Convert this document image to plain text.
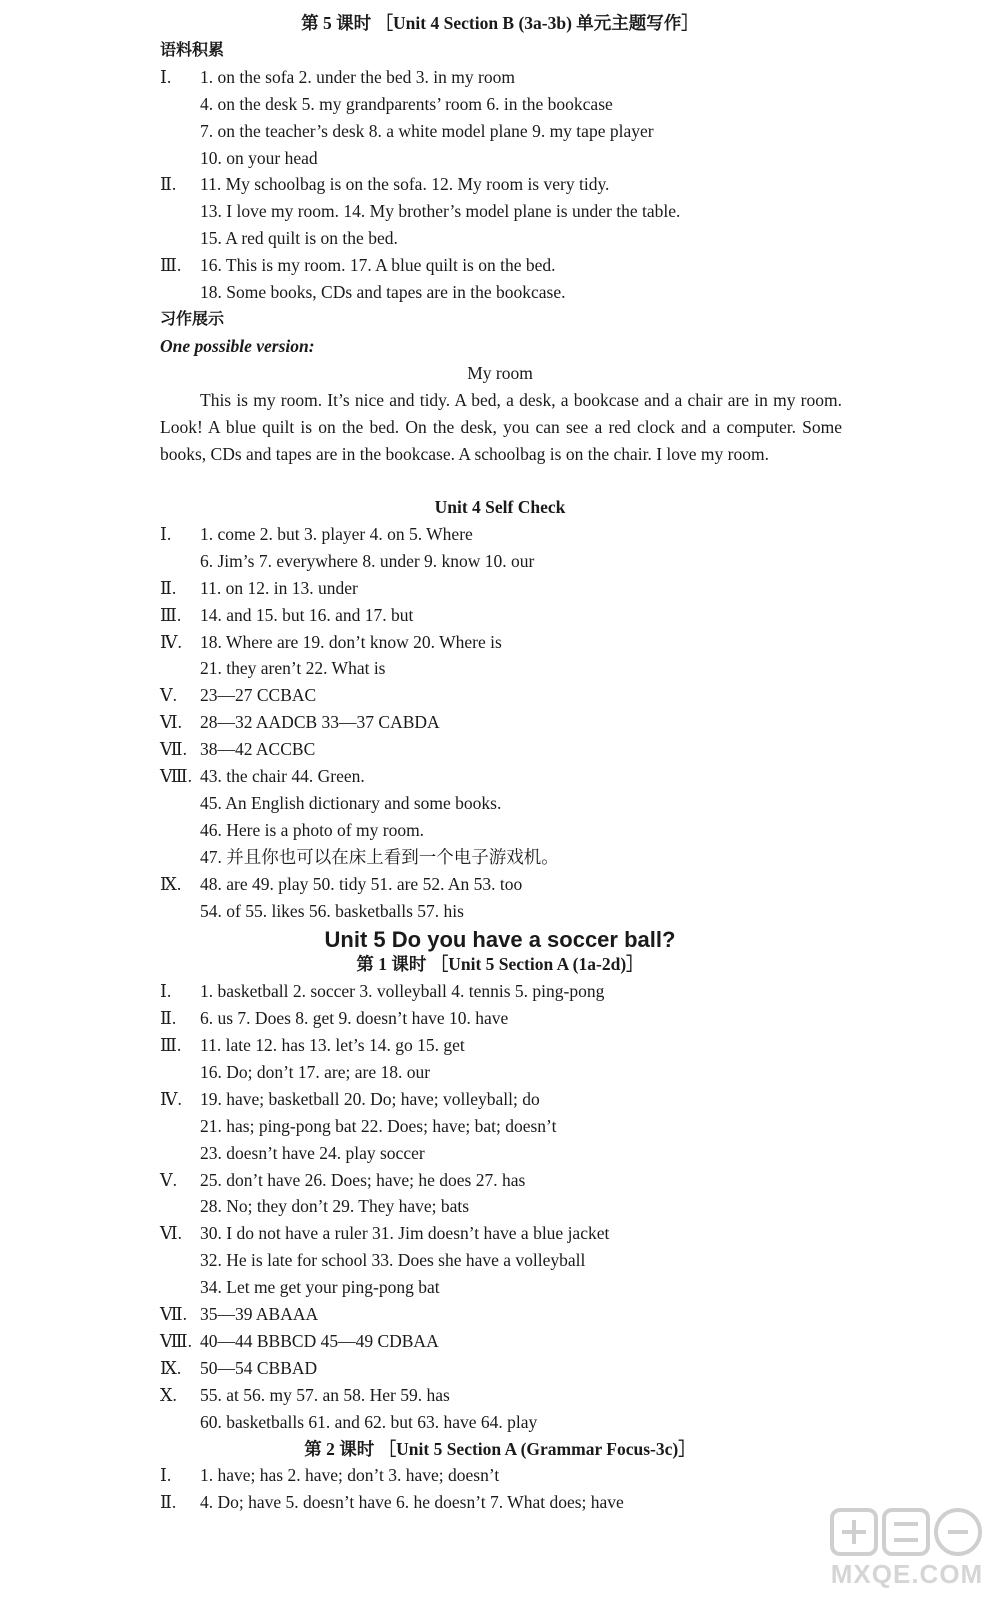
第 5 课时 ［Unit 4 Section B (3a-3b) 单元主题写作］
语料积累
Ⅰ. 1. on the sofa 2. under the bed 3. in my room
4. on the desk 5. my grandparents’ room 6. in the bookcase
7. on the teacher’s desk 8. a white model plane 9. my tape player
10. on your head
Ⅱ. 11. My schoolbag is on the sofa. 12. My room is very tidy.
13. I love my room. 14. My brother’s model plane is under the table.
15. A red quilt is on the bed.
Ⅲ. 16. This is my room. 17. A blue quilt is on the bed.
18. Some books, CDs and tapes are in the bookcase.
习作展示
One possible version:
My room
This is my room. It’s nice and tidy. A bed, a desk, a bookcase and a chair are in my room. Look! A blue quilt is on the bed. On the desk, you can see a red clock and a computer. Some books, CDs and tapes are in the bookcase. A schoolbag is on the chair. I love my room.
Unit 4 Self Check
Ⅰ. 1. come 2. but 3. player 4. on 5. Where
6. Jim’s 7. everywhere 8. under 9. know 10. our
Ⅱ. 11. on 12. in 13. under
Ⅲ. 14. and 15. but 16. and 17. but
Ⅳ. 18. Where are 19. don’t know 20. Where is
21. they aren’t 22. What is
Ⅴ. 23—27 CCBAC
Ⅵ. 28—32 AADCB 33—37 CABDA
Ⅶ. 38—42 ACCBC
Ⅷ. 43. the chair 44. Green.
45. An English dictionary and some books.
46. Here is a photo of my room.
47. 并且你也可以在床上看到一个电子游戏机。
Ⅸ. 48. are 49. play 50. tidy 51. are 52. An 53. too
54. of 55. likes 56. basketballs 57. his
Unit 5 Do you have a soccer ball?
第 1 课时 ［Unit 5 Section A (1a-2d)］
Ⅰ. 1. basketball 2. soccer 3. volleyball 4. tennis 5. ping-pong
Ⅱ. 6. us 7. Does 8. get 9. doesn’t have 10. have
Ⅲ. 11. late 12. has 13. let’s 14. go 15. get
16. Do; don’t 17. are; are 18. our
Ⅳ. 19. have; basketball 20. Do; have; volleyball; do
21. has; ping-pong bat 22. Does; have; bat; doesn’t
23. doesn’t have 24. play soccer
Ⅴ. 25. don’t have 26. Does; have; he does 27. has
28. No; they don’t 29. They have; bats
Ⅵ. 30. I do not have a ruler 31. Jim doesn’t have a blue jacket
32. He is late for school 33. Does she have a volleyball
34. Let me get your ping-pong bat
Ⅶ. 35—39 ABAAA
Ⅷ. 40—44 BBBCD 45—49 CDBAA
Ⅸ. 50—54 CBBAD
Ⅹ. 55. at 56. my 57. an 58. Her 59. has
60. basketballs 61. and 62. but 63. have 64. play
第 2 课时 ［Unit 5 Section A (Grammar Focus-3c)］
Ⅰ. 1. have; has 2. have; don’t 3. have; doesn’t
Ⅱ. 4. Do; have 5. doesn’t have 6. he doesn’t 7. What does; have
MXQE.COM
